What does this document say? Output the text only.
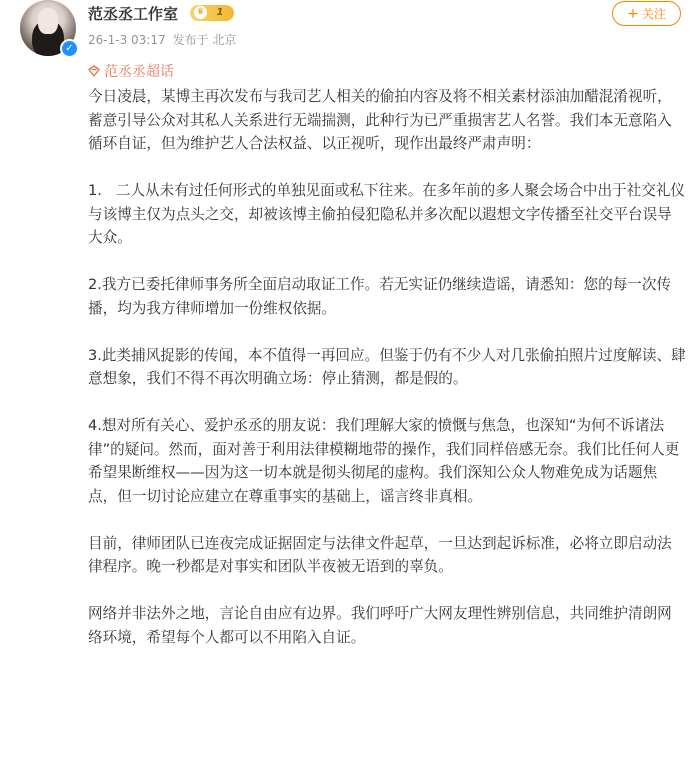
✓
范丞丞工作室 ♛	1
26-1-3 03:17 发布于 北京
+ 关注
范丞丞超话

今日凌晨，某博主再次发布与我司艺人相关的偷拍内容及将不相关素材添油加醋混淆视听，蓄意引导公众对其私人关系进行无端揣测，此种行为已严重损害艺人名誉。我们本无意陷入循环自证，但为维护艺人合法权益、以正视听，现作出最终严肃声明：

1.   二人从未有过任何形式的单独见面或私下往来。在多年前的多人聚会场合中出于社交礼仪与该博主仅为点头之交，却被该博主偷拍侵犯隐私并多次配以遐想文字传播至社交平台误导大众。

2.我方已委托律师事务所全面启动取证工作。若无实证仍继续造谣，请悉知：您的每一次传播，均为我方律师增加一份维权依据。

3.此类捕风捉影的传闻，本不值得一再回应。但鉴于仍有不少人对几张偷拍照片过度解读、肆意想象，我们不得不再次明确立场：停止猜测，都是假的。

4.想对所有关心、爱护丞丞的朋友说：我们理解大家的愤慨与焦急，也深知“为何不诉诸法律”的疑问。然而，面对善于利用法律模糊地带的操作，我们同样倍感无奈。我们比任何人更希望果断维权——因为这一切本就是彻头彻尾的虚构。我们深知公众人物难免成为话题焦点，但一切讨论应建立在尊重事实的基础上，谣言终非真相。

目前，律师团队已连夜完成证据固定与法律文件起草，一旦达到起诉标准，必将立即启动法律程序。晚一秒都是对事实和团队半夜被无语到的辜负。

网络并非法外之地，言论自由应有边界。我们呼吁广大网友理性辨别信息，共同维护清朗网络环境，希望每个人都可以不用陷入自证。
